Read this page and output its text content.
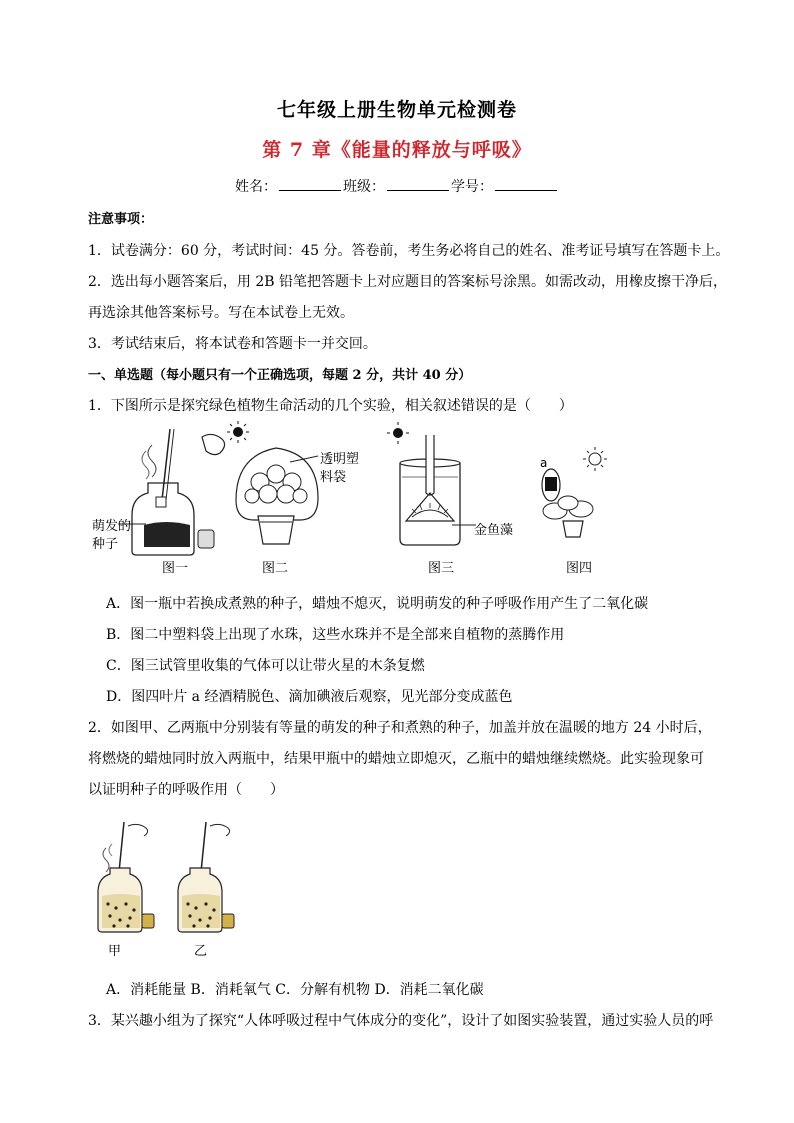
七年级上册生物单元检测卷
第 7 章《能量的释放与呼吸》
姓名：	班级：	学号：
注意事项：
1．试卷满分：60 分，考试时间：45 分。答卷前，考生务必将自己的姓名、准考证号填写在答题卡上。
2．选出每小题答案后，用 2B 铅笔把答题卡上对应题目的答案标号涂黑。如需改动，用橡皮擦干净后，
再选涂其他答案标号。写在本试卷上无效。
3．考试结束后，将本试卷和答题卡一并交回。
一、单选题（每小题只有一个正确选项，每题 2 分，共计 40 分）
1．下图所示是探究绿色植物生命活动的几个实验，相关叙述错误的是（　　）
萌发的
种子
透明塑
料袋
金鱼藻
a
图一	图二	图三	图四
A．图一瓶中若换成煮熟的种子，蜡烛不熄灭，说明萌发的种子呼吸作用产生了二氧化碳
B．图二中塑料袋上出现了水珠，这些水珠并不是全部来自植物的蒸腾作用
C．图三试管里收集的气体可以让带火星的木条复燃
D．图四叶片 a 经酒精脱色、滴加碘液后观察，见光部分变成蓝色
2．如图甲、乙两瓶中分别装有等量的萌发的种子和煮熟的种子，加盖并放在温暖的地方 24 小时后，
将燃烧的蜡烛同时放入两瓶中，结果甲瓶中的蜡烛立即熄灭，乙瓶中的蜡烛继续燃烧。此实验现象可
以证明种子的呼吸作用（　　）
甲	乙
A．消耗能量 B．消耗氧气 C．分解有机物 D．消耗二氧化碳
3．某兴趣小组为了探究“人体呼吸过程中气体成分的变化”，设计了如图实验装置，通过实验人员的呼
